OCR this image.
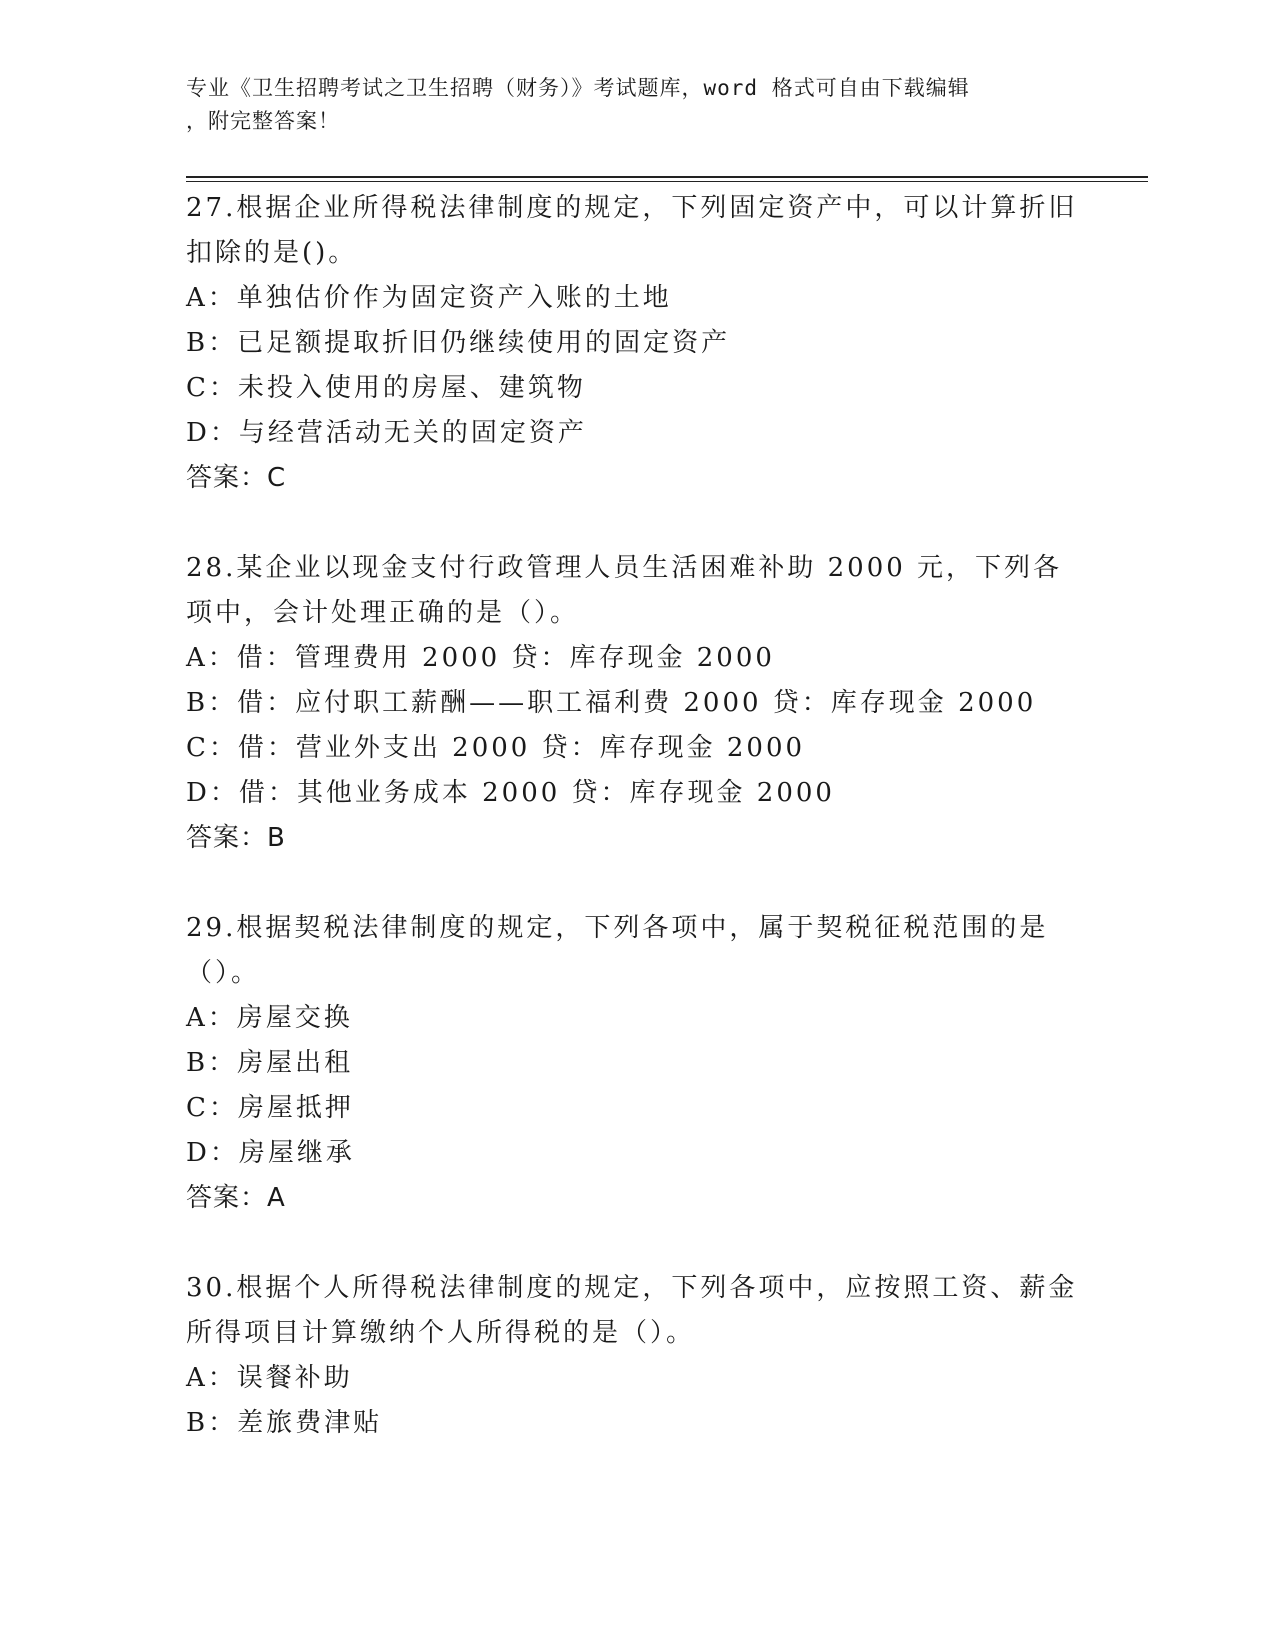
专业《卫生招聘考试之卫生招聘（财务）》考试题库，word 格式可自由下载编辑
，附完整答案！

27.根据企业所得税法律制度的规定，下列固定资产中，可以计算折旧扣除的是()。

A：单独估价作为固定资产入账的土地

B：已足额提取折旧仍继续使用的固定资产

C：未投入使用的房屋、建筑物

D：与经营活动无关的固定资产

答案：C

28.某企业以现金支付行政管理人员生活困难补助 2000 元，下列各项中，会计处理正确的是（）。

A：借：管理费用 2000 贷：库存现金 2000

B：借：应付职工薪酬——职工福利费 2000 贷：库存现金 2000

C：借：营业外支出 2000 贷：库存现金 2000

D：借：其他业务成本 2000 贷：库存现金 2000

答案：B

29.根据契税法律制度的规定，下列各项中，属于契税征税范围的是（）。

A：房屋交换

B：房屋出租

C：房屋抵押

D：房屋继承

答案：A

30.根据个人所得税法律制度的规定，下列各项中，应按照工资、薪金所得项目计算缴纳个人所得税的是（）。

A：误餐补助

B：差旅费津贴
